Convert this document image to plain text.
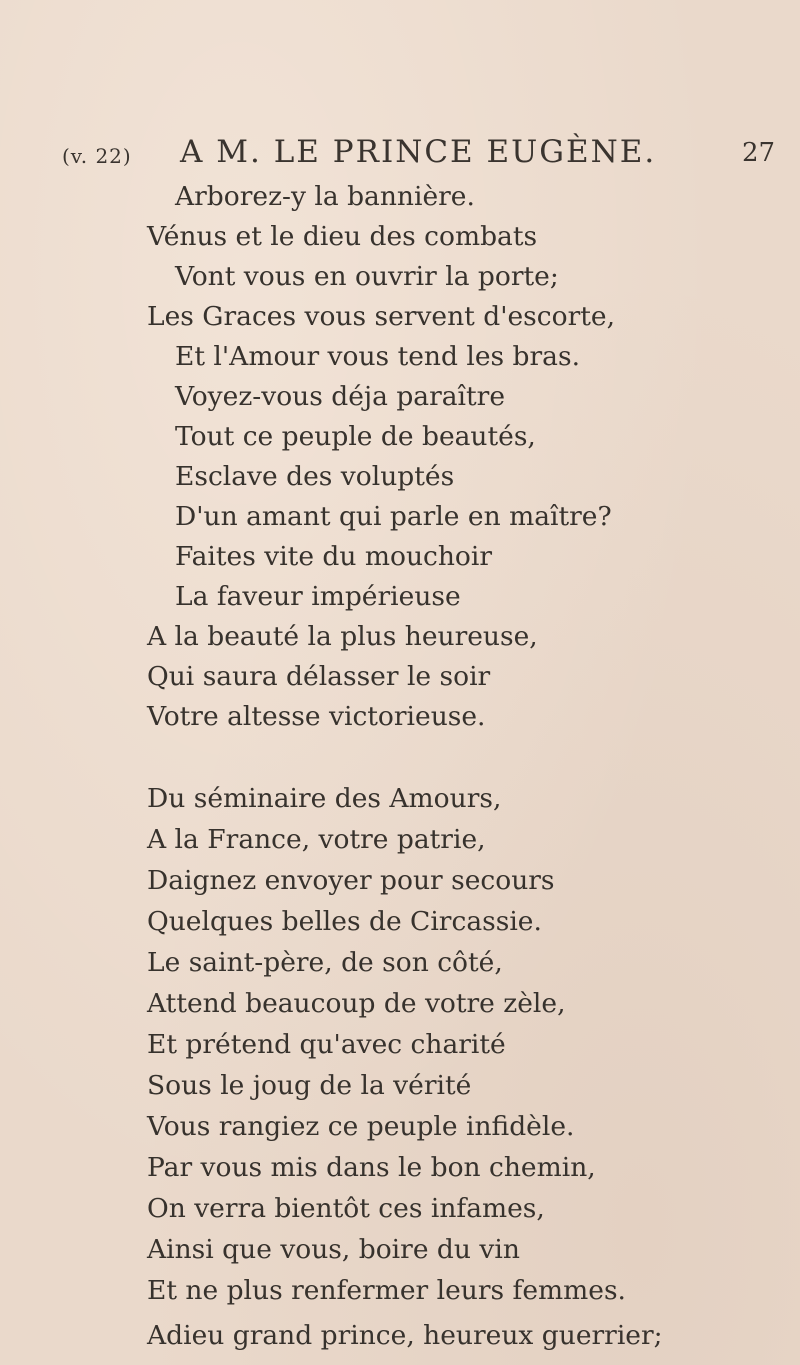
(v. 22) A M. LE PRINCE EUGÈNE.	27
Arborez-y la bannière.
Vénus et le dieu des combats
Vont vous en ouvrir la porte;
Les Graces vous servent d'escorte,
Et l'Amour vous tend les bras.
Voyez-vous déja paraître
Tout ce peuple de beautés,
Esclave des voluptés
D'un amant qui parle en maître?
Faites vite du mouchoir
La faveur impérieuse
A la beauté la plus heureuse,
Qui saura délasser le soir
Votre altesse victorieuse.
Du séminaire des Amours,
A la France, votre patrie,
Daignez envoyer pour secours
Quelques belles de Circassie.
Le saint-père, de son côté,
Attend beaucoup de votre zèle,
Et prétend qu'avec charité
Sous le joug de la vérité
Vous rangiez ce peuple infidèle.
Par vous mis dans le bon chemin,
On verra bientôt ces infames,
Ainsi que vous, boire du vin
Et ne plus renfermer leurs femmes.
Adieu grand prince, heureux guerrier;
